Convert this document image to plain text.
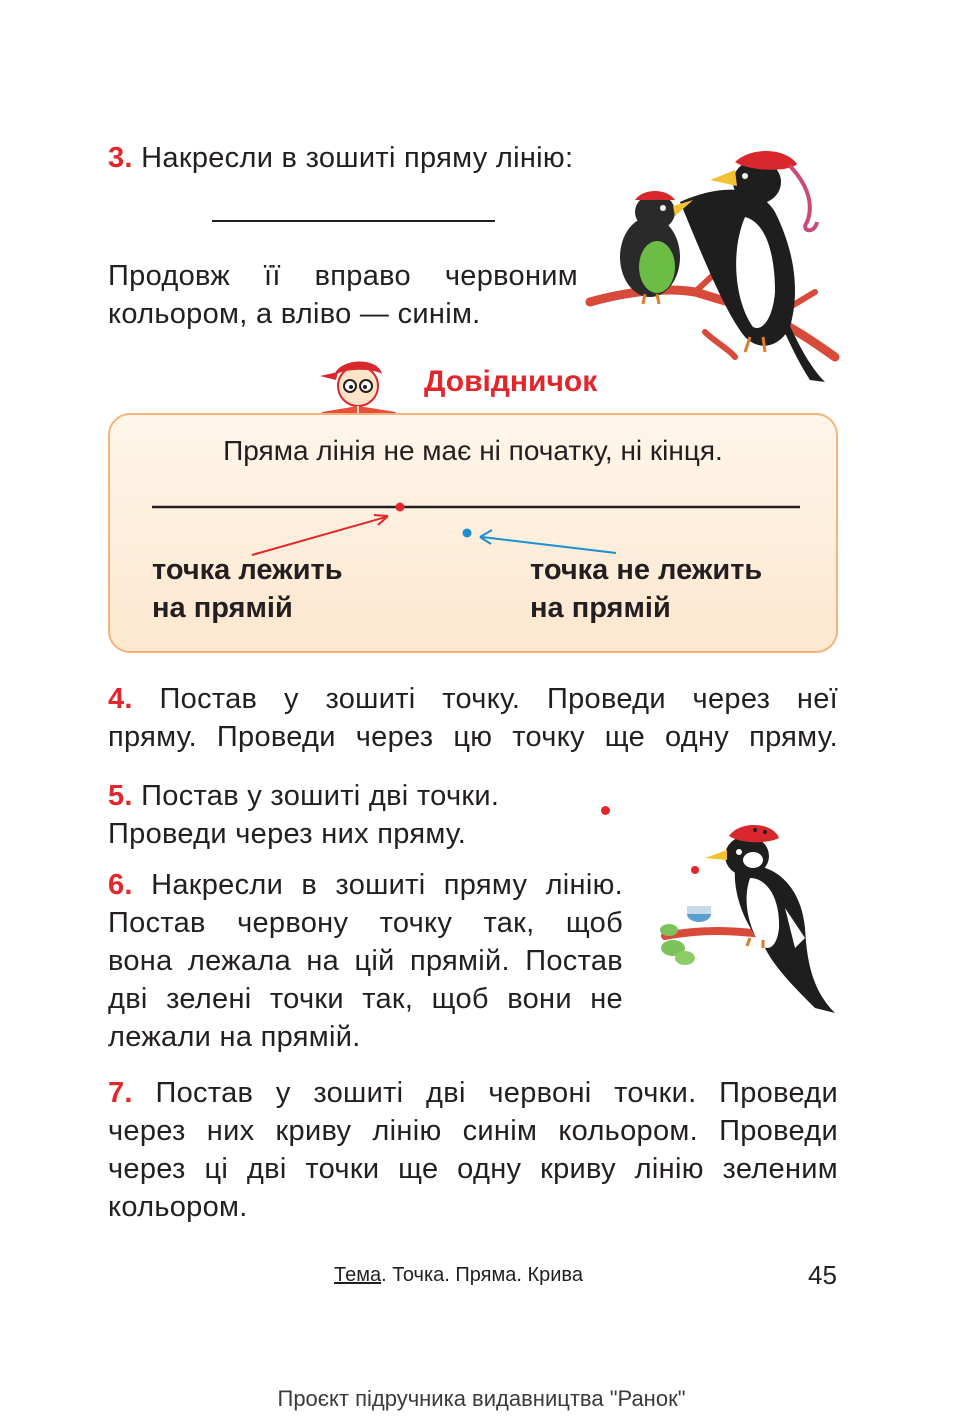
3. Накресли в зошиті пряму лінію:
Продовж її вправо червоним
кольором, а вліво — синім.
Довідничок
Пряма лінія не має ні початку, ні кінця.
точка лежить
на прямій
точка не лежить
на прямій
4. Постав у зошиті точку. Проведи через неї
пряму. Проведи через цю точку ще одну пряму.
5. Постав у зошиті дві точки.
Проведи через них пряму.
6. Накресли в зошиті пряму лінію.
Постав червону точку так, щоб
вона лежала на цій прямій. Постав
дві зелені точки так, щоб вони не
лежали на прямій.
7. Постав у зошиті дві червоні точки. Проведи
через них криву лінію синім кольором. Проведи
через ці дві точки ще одну криву лінію зеленим
кольором.
Тема. Точка. Пряма. Крива	45
Проєкт підручника видавництва "Ранок"
